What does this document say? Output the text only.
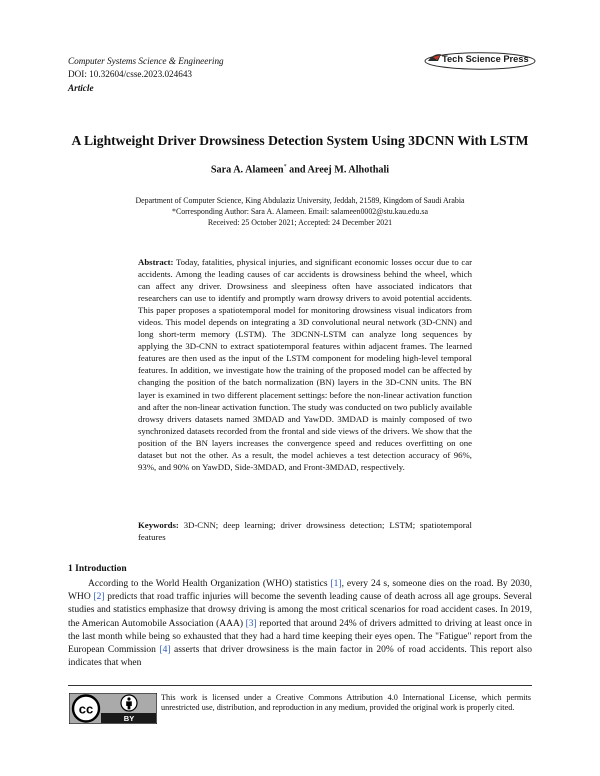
Computer Systems Science & Engineering
DOI: 10.32604/csse.2023.024643
Article
Tech Science Press
A Lightweight Driver Drowsiness Detection System Using 3DCNN With LSTM
Sara A. Alameen* and Areej M. Alhothali
Department of Computer Science, King Abdulaziz University, Jeddah, 21589, Kingdom of Saudi Arabia
*Corresponding Author: Sara A. Alameen. Email: salameen0002@stu.kau.edu.sa
Received: 25 October 2021; Accepted: 24 December 2021
Abstract: Today, fatalities, physical injuries, and significant economic losses occur due to car accidents. Among the leading causes of car accidents is drowsiness behind the wheel, which can affect any driver. Drowsiness and sleepiness often have associated indicators that researchers can use to identify and promptly warn drowsy drivers to avoid potential accidents. This paper proposes a spatiotemporal model for monitoring drowsiness visual indicators from videos. This model depends on integrating a 3D convolutional neural network (3D-CNN) and long short-term memory (LSTM). The 3DCNN-LSTM can analyze long sequences by applying the 3D-CNN to extract spatiotemporal features within adjacent frames. The learned features are then used as the input of the LSTM component for modeling high-level temporal features. In addition, we investigate how the training of the proposed model can be affected by changing the position of the batch normalization (BN) layers in the 3D-CNN units. The BN layer is examined in two different placement settings: before the non-linear activation function and after the non-linear activation function. The study was conducted on two publicly available drowsy drivers datasets named 3MDAD and YawDD. 3MDAD is mainly composed of two synchronized datasets recorded from the frontal and side views of the drivers. We show that the position of the BN layers increases the convergence speed and reduces overfitting on one dataset but not the other. As a result, the model achieves a test detection accuracy of 96%, 93%, and 90% on YawDD, Side-3MDAD, and Front-3MDAD, respectively.
Keywords: 3D-CNN; deep learning; driver drowsiness detection; LSTM; spatiotemporal features
1 Introduction
According to the World Health Organization (WHO) statistics [1], every 24 s, someone dies on the road. By 2030, WHO [2] predicts that road traffic injuries will become the seventh leading cause of death across all age groups. Several studies and statistics emphasize that drowsy driving is among the most critical scenarios for road accident cases. In 2019, the American Automobile Association (AAA) [3] reported that around 24% of drivers admitted to driving at least once in the last month while being so exhausted that they had a hard time keeping their eyes open. The "Fatigue" report from the European Commission [4] asserts that driver drowsiness is the main factor in 20% of road accidents. This report also indicates that when
cc
BY
This work is licensed under a Creative Commons Attribution 4.0 International License, which permits unrestricted use, distribution, and reproduction in any medium, provided the original work is properly cited.
